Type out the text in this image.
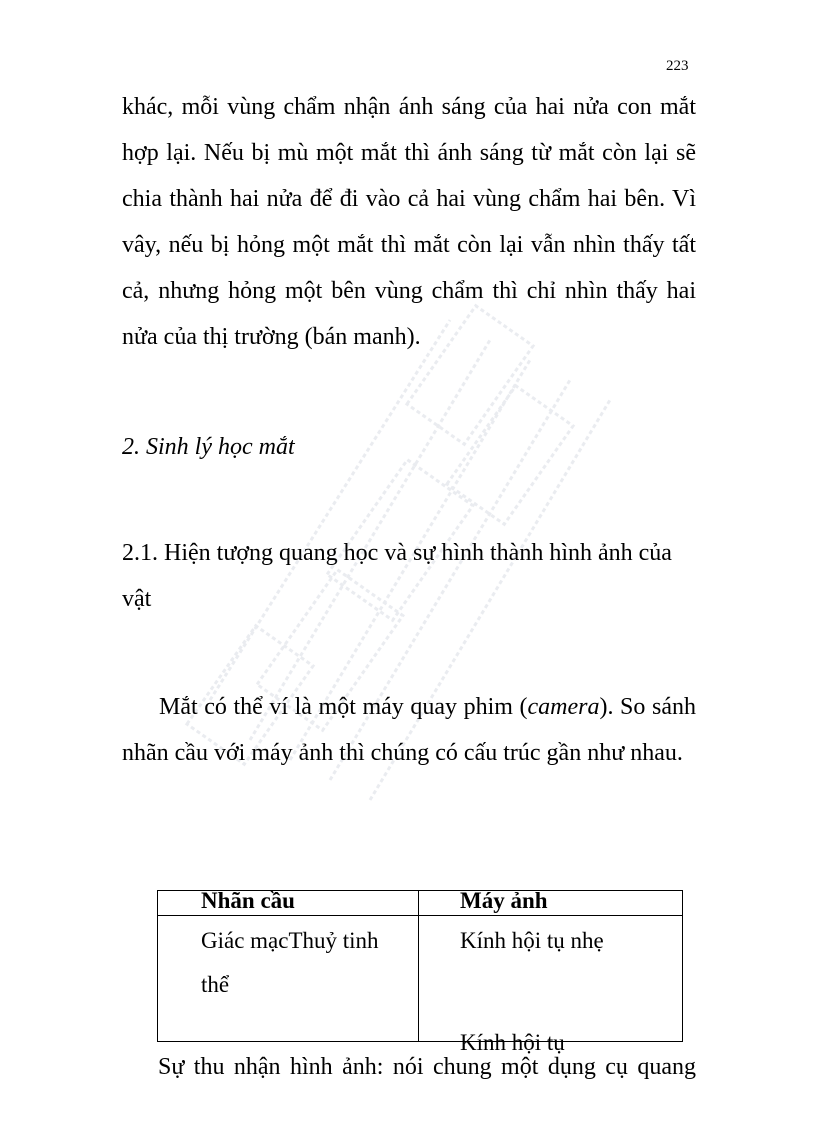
223

khác, mỗi vùng chẩm nhận ánh sáng của hai nửa con mắt hợp lại. Nếu bị mù một mắt thì ánh sáng từ mắt còn lại sẽ chia thành hai nửa để đi vào cả hai vùng chẩm hai bên. Vì vây, nếu bị hỏng một mắt thì mắt còn lại vẫn nhìn thấy tất cả, nhưng hỏng một bên vùng chẩm thì chỉ nhìn thấy hai nửa của thị trường (bán manh).

2. Sinh lý học mắt

2.1. Hiện tượng quang học và sự hình thành hình ảnh của vật

Mắt có thể ví là một máy quay phim (camera). So sánh nhãn cầu với máy ảnh thì chúng có cấu trúc gần như nhau.

Nhãn cầu
Giác mạcThuỷ tinh thể
Máy ảnh
Kính hội tụ nhẹ
Kính hội tụ

Sự thu nhận hình ảnh: nói chung một dụng cụ quang
